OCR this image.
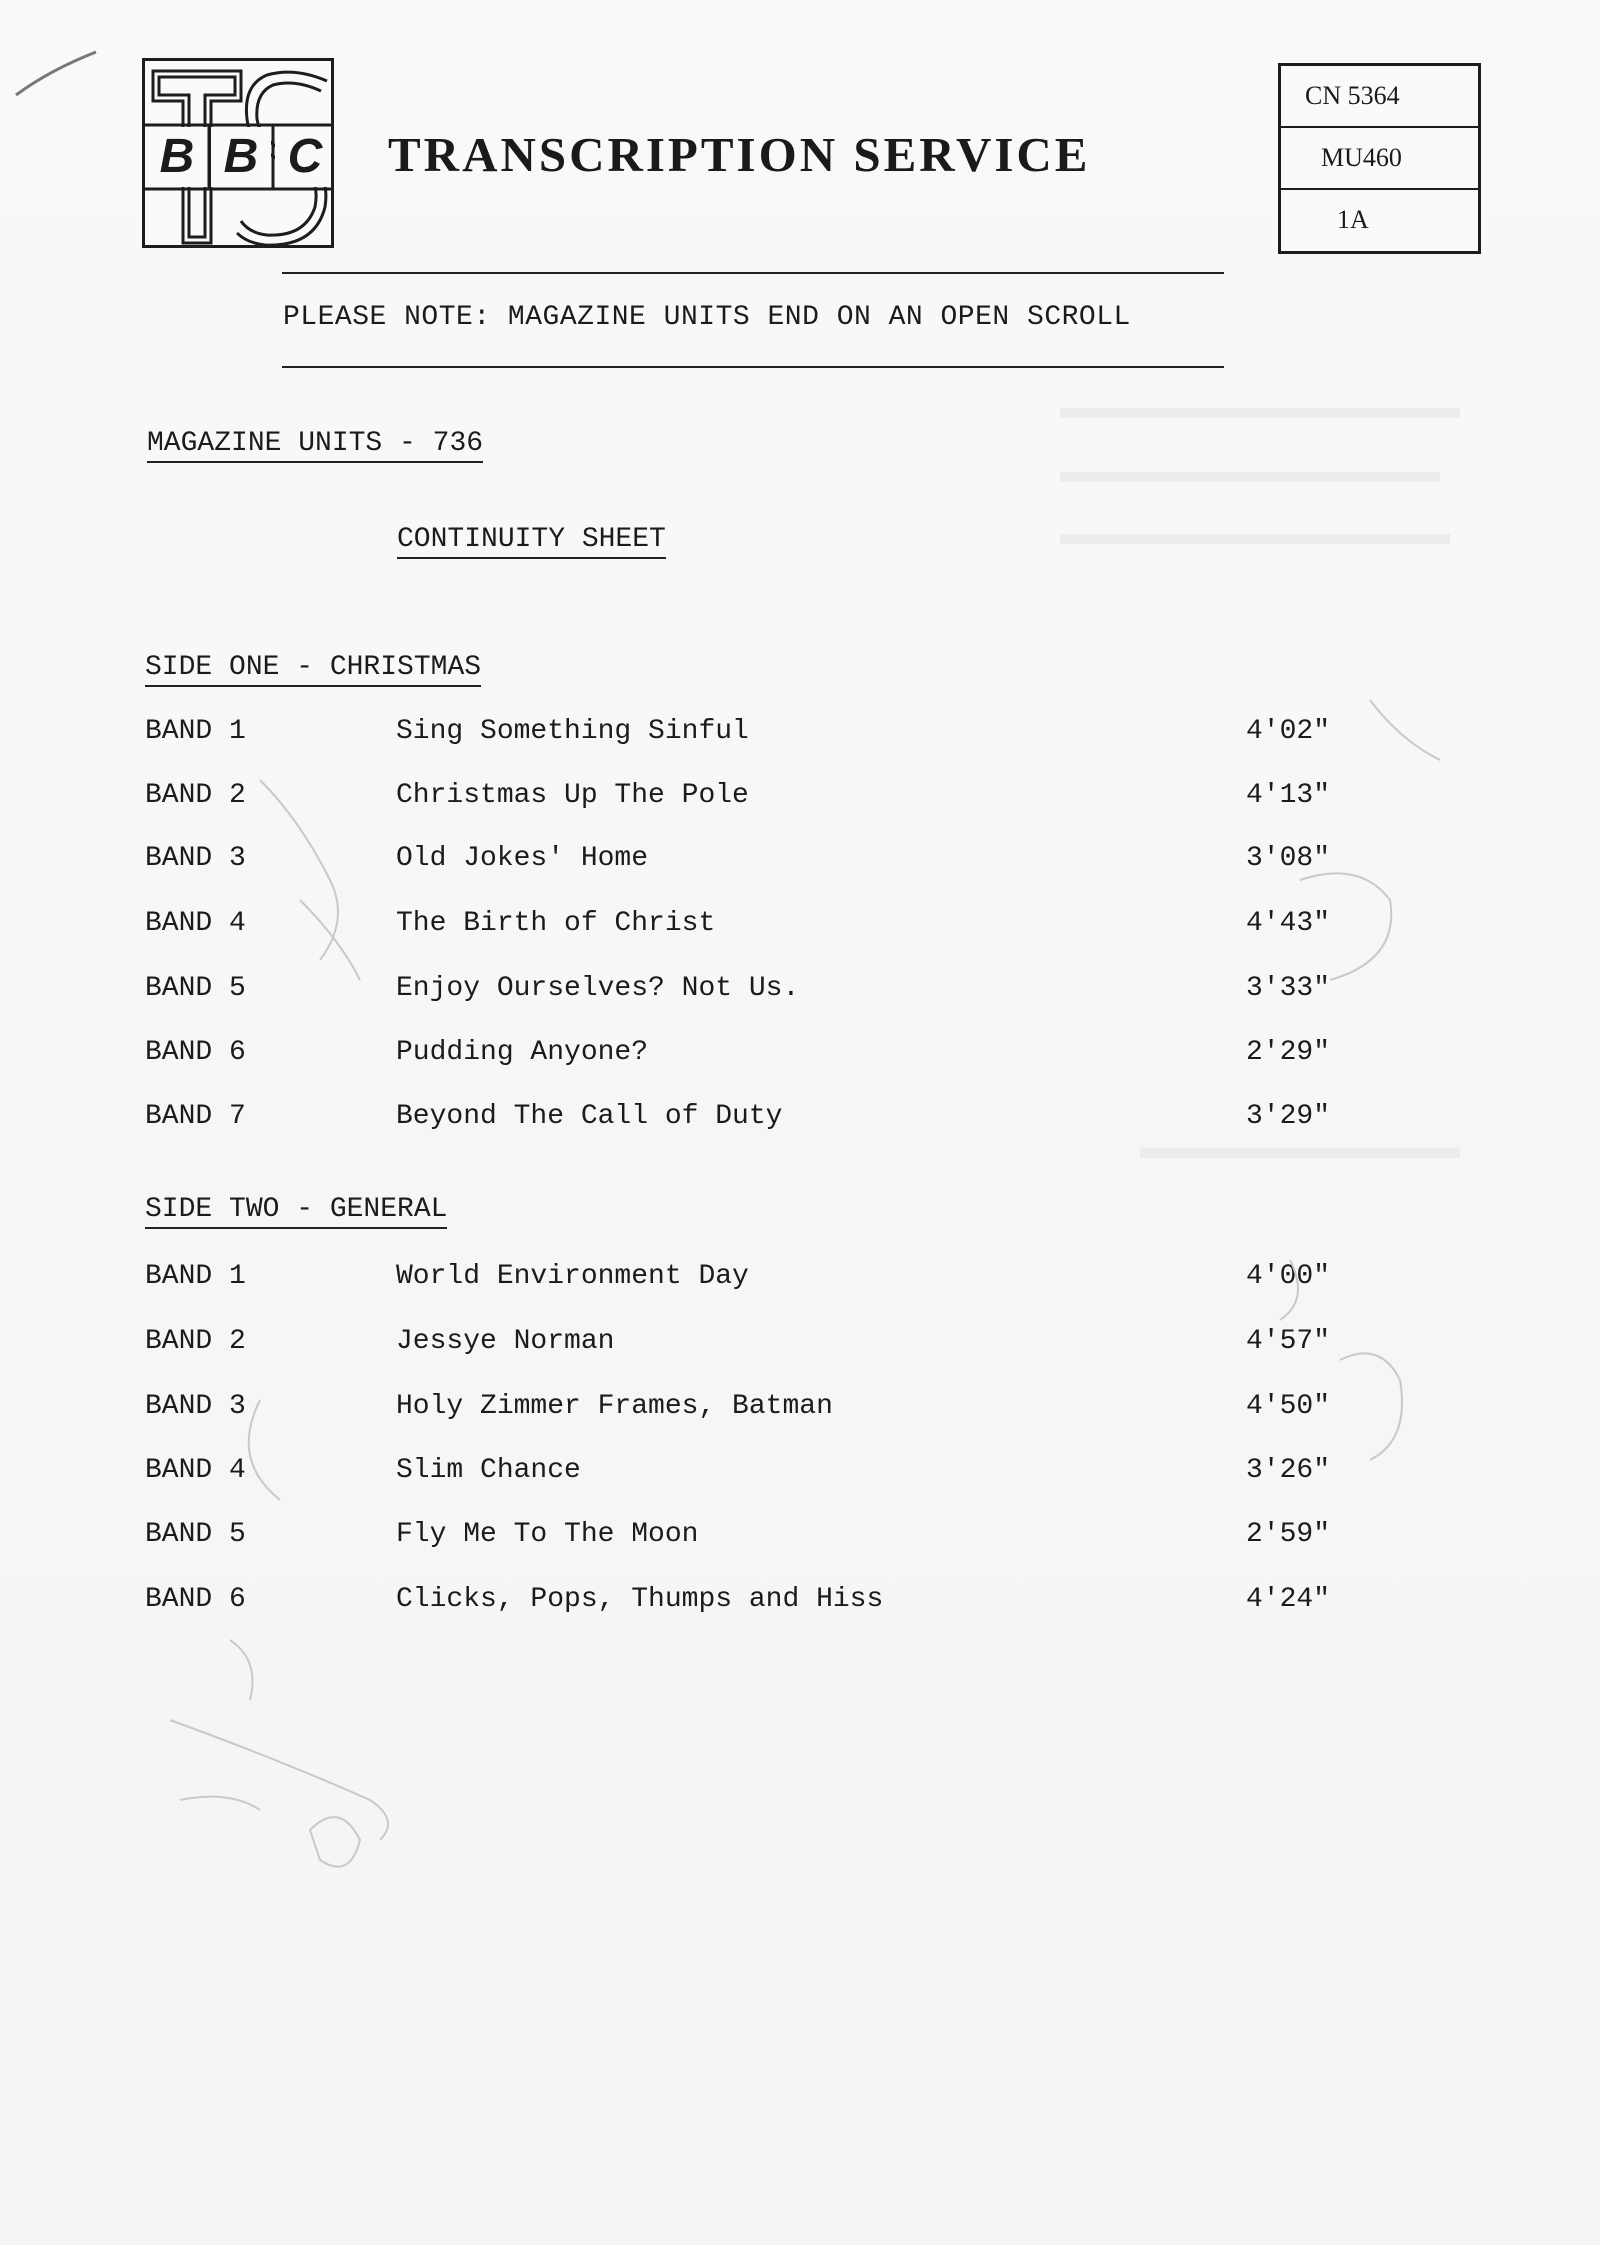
B B C TRANSCRIPTION SERVICE
CN 5364
MU460
1A
PLEASE NOTE: MAGAZINE UNITS END ON AN OPEN SCROLL
MAGAZINE UNITS - 736
CONTINUITY SHEET
SIDE ONE - CHRISTMAS
BAND 1	Sing Something Sinful	4'02"
BAND 2	Christmas Up The Pole	4'13"
BAND 3	Old Jokes' Home	3'08"
BAND 4	The Birth of Christ	4'43"
BAND 5	Enjoy Ourselves? Not Us.	3'33"
BAND 6	Pudding Anyone?	2'29"
BAND 7	Beyond The Call of Duty	3'29"
SIDE TWO - GENERAL
BAND 1	World Environment Day	4'00"
BAND 2	Jessye Norman	4'57"
BAND 3	Holy Zimmer Frames, Batman	4'50"
BAND 4	Slim Chance	3'26"
BAND 5	Fly Me To The Moon	2'59"
BAND 6	Clicks, Pops, Thumps and Hiss	4'24"
